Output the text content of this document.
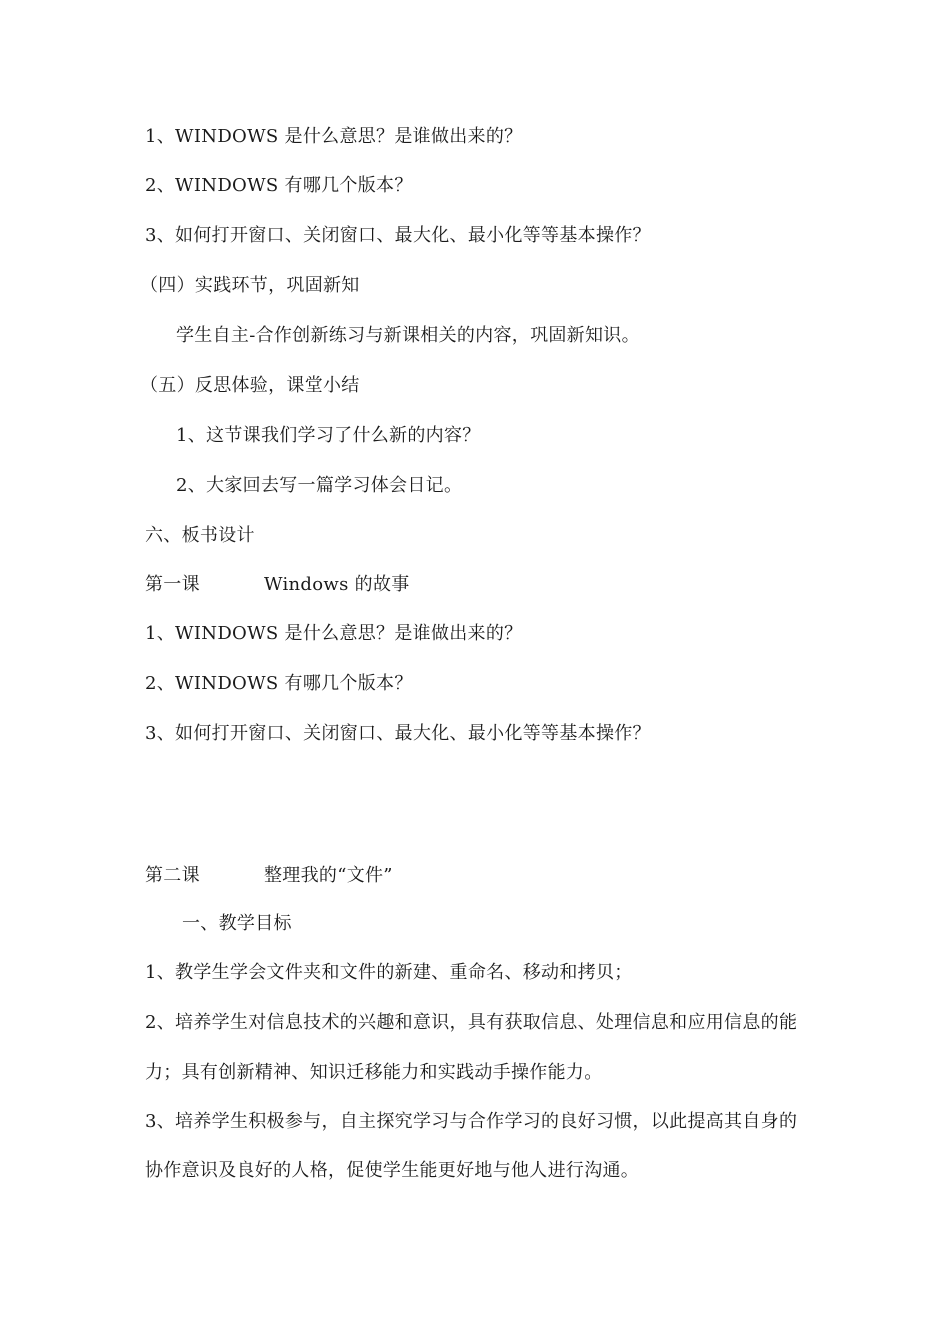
1、WINDOWS 是什么意思？是谁做出来的？
2、WINDOWS 有哪几个版本？
3、如何打开窗口、关闭窗口、最大化、最小化等等基本操作？
（四）实践环节，巩固新知
学生自主-合作创新练习与新课相关的内容，巩固新知识。
（五）反思体验，课堂小结
1、这节课我们学习了什么新的内容？
2、大家回去写一篇学习体会日记。
六、板书设计
第一课	Windows 的故事
1、WINDOWS 是什么意思？是谁做出来的？
2、WINDOWS 有哪几个版本？
3、如何打开窗口、关闭窗口、最大化、最小化等等基本操作？
第二课	整理我的“文件”
一、教学目标
1、教学生学会文件夹和文件的新建、重命名、移动和拷贝；
2、培养学生对信息技术的兴趣和意识，具有获取信息、处理信息和应用信息的能
力；具有创新精神、知识迁移能力和实践动手操作能力。
3、培养学生积极参与，自主探究学习与合作学习的良好习惯，以此提高其自身的
协作意识及良好的人格，促使学生能更好地与他人进行沟通。
